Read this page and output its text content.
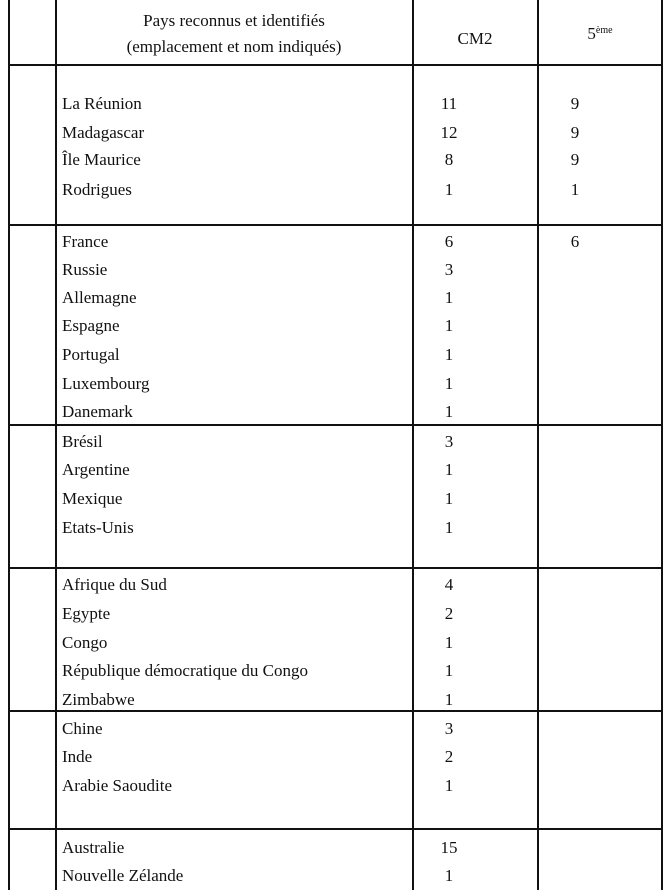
Pays reconnus et identifiés
(emplacement et nom indiqués)	CM2	5ème
La Réunion	11	9
Madagascar	12	9
Île Maurice	8	9
Rodrigues	1	1
France	6	6
Russie	3
Allemagne	1
Espagne	1
Portugal	1
Luxembourg	1
Danemark	1
Brésil	3
Argentine	1
Mexique	1
Etats-Unis	1
Afrique du Sud	4
Egypte	2
Congo	1
République démocratique du Congo	1
Zimbabwe	1
Chine	3
Inde	2
Arabie Saoudite	1
Australie	15
Nouvelle Zélande	1
